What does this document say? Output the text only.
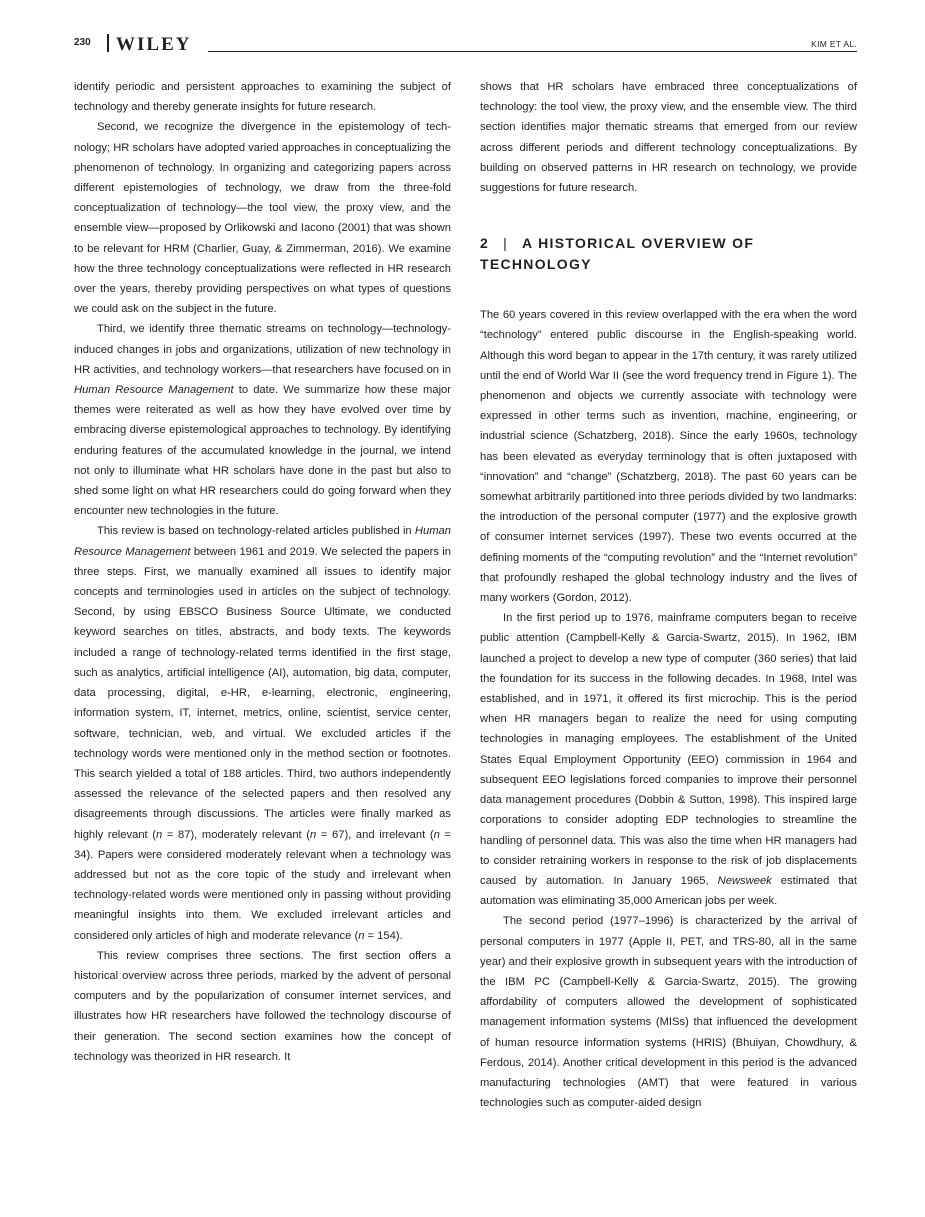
230 WILEY	KIM ET AL.

identify periodic and persistent approaches to examining the subject of technology and thereby generate insights for future research.

Second, we recognize the divergence in the epistemology of technology; HR scholars have adopted varied approaches in conceptualizing the phenomenon of technology. In organizing and categorizing papers across different epistemologies of technology, we draw from the three-fold conceptualization of technology—the tool view, the proxy view, and the ensemble view—proposed by Orlikowski and Iacono (2001) that was shown to be relevant for HRM (Charlier, Guay, & Zimmerman, 2016). We examine how the three technology conceptualizations were reflected in HR research over the years, thereby providing perspectives on what types of questions we could ask on the subject in the future.

Third, we identify three thematic streams on technology—technology-induced changes in jobs and organizations, utilization of new technology in HR activities, and technology workers—that researchers have focused on in Human Resource Management to date. We summarize how these major themes were reiterated as well as how they have evolved over time by embracing diverse epistemological approaches to technology. By identifying enduring features of the accumulated knowledge in the journal, we intend not only to illuminate what HR scholars have done in the past but also to shed some light on what HR researchers could do going forward when they encounter new technologies in the future.

This review is based on technology-related articles published in Human Resource Management between 1961 and 2019. We selected the papers in three steps. First, we manually examined all issues to identify major concepts and terminologies used in articles on the subject of technology. Second, by using EBSCO Business Source Ultimate, we conducted keyword searches on titles, abstracts, and body texts. The keywords included a range of technology-related terms identified in the first stage, such as analytics, artificial intelligence (AI), automation, big data, computer, data processing, digital, e-HR, e-learning, electronic, engineering, information system, IT, internet, metrics, online, scientist, service center, software, technician, web, and virtual. We excluded articles if the technology words were mentioned only in the method section or footnotes. This search yielded a total of 188 articles. Third, two authors independently assessed the relevance of the selected papers and then resolved any disagreements through discussions. The articles were finally marked as highly relevant (n = 87), moderately relevant (n = 67), and irrelevant (n = 34). Papers were considered moderately relevant when a technology was addressed but not as the core topic of the study and irrelevant when technology-related words were mentioned only in passing without providing meaningful insights into them. We excluded irrelevant articles and considered only articles of high and moderate relevance (n = 154).

This review comprises three sections. The first section offers a historical overview across three periods, marked by the advent of personal computers and by the popularization of consumer internet services, and illustrates how HR researchers have followed the technology discourse of their generation. The second section examines how the concept of technology was theorized in HR research. It

shows that HR scholars have embraced three conceptualizations of technology: the tool view, the proxy view, and the ensemble view. The third section identifies major thematic streams that emerged from our review across different periods and different technology conceptualizations. By building on observed patterns in HR research on technology, we provide suggestions for future research.

2 | A HISTORICAL OVERVIEW OF TECHNOLOGY

The 60 years covered in this review overlapped with the era when the word “technology” entered public discourse in the English-speaking world. Although this word began to appear in the 17th century, it was rarely utilized until the end of World War II (see the word frequency trend in Figure 1). The phenomenon and objects we currently associate with technology were expressed in other terms such as invention, machine, engineering, or industrial science (Schatzberg, 2018). Since the early 1960s, technology has been elevated as everyday terminology that is often juxtaposed with “innovation” and “change” (Schatzberg, 2018). The past 60 years can be somewhat arbitrarily partitioned into three periods divided by two landmarks: the introduction of the personal computer (1977) and the explosive growth of consumer internet services (1997). These two events occurred at the defining moments of the “computing revolution” and the “Internet revolution” that profoundly reshaped the global technology industry and the lives of many workers (Gordon, 2012).

In the first period up to 1976, mainframe computers began to receive public attention (Campbell-Kelly & Garcia-Swartz, 2015). In 1962, IBM launched a project to develop a new type of computer (360 series) that laid the foundation for its success in the following decades. In 1968, Intel was established, and in 1971, it offered its first microchip. This is the period when HR managers began to realize the need for using computing technologies in managing employees. The establishment of the United States Equal Employment Opportunity (EEO) commission in 1964 and subsequent EEO legislations forced companies to improve their personnel data management procedures (Dobbin & Sutton, 1998). This inspired large corporations to consider adopting EDP technologies to streamline the handling of personnel data. This was also the time when HR managers had to consider retraining workers in response to the risk of job displacements caused by automation. In January 1965, Newsweek estimated that automation was eliminating 35,000 American jobs per week.

The second period (1977–1996) is characterized by the arrival of personal computers in 1977 (Apple II, PET, and TRS-80, all in the same year) and their explosive growth in subsequent years with the introduction of the IBM PC (Campbell-Kelly & Garcia-Swartz, 2015). The growing affordability of computers allowed the development of sophisticated management information systems (MISs) that influenced the development of human resource information systems (HRIS) (Bhuiyan, Chowdhury, & Ferdous, 2014). Another critical development in this period is the advanced manufacturing technologies (AMT) that were featured in various technologies such as computer-aided design
